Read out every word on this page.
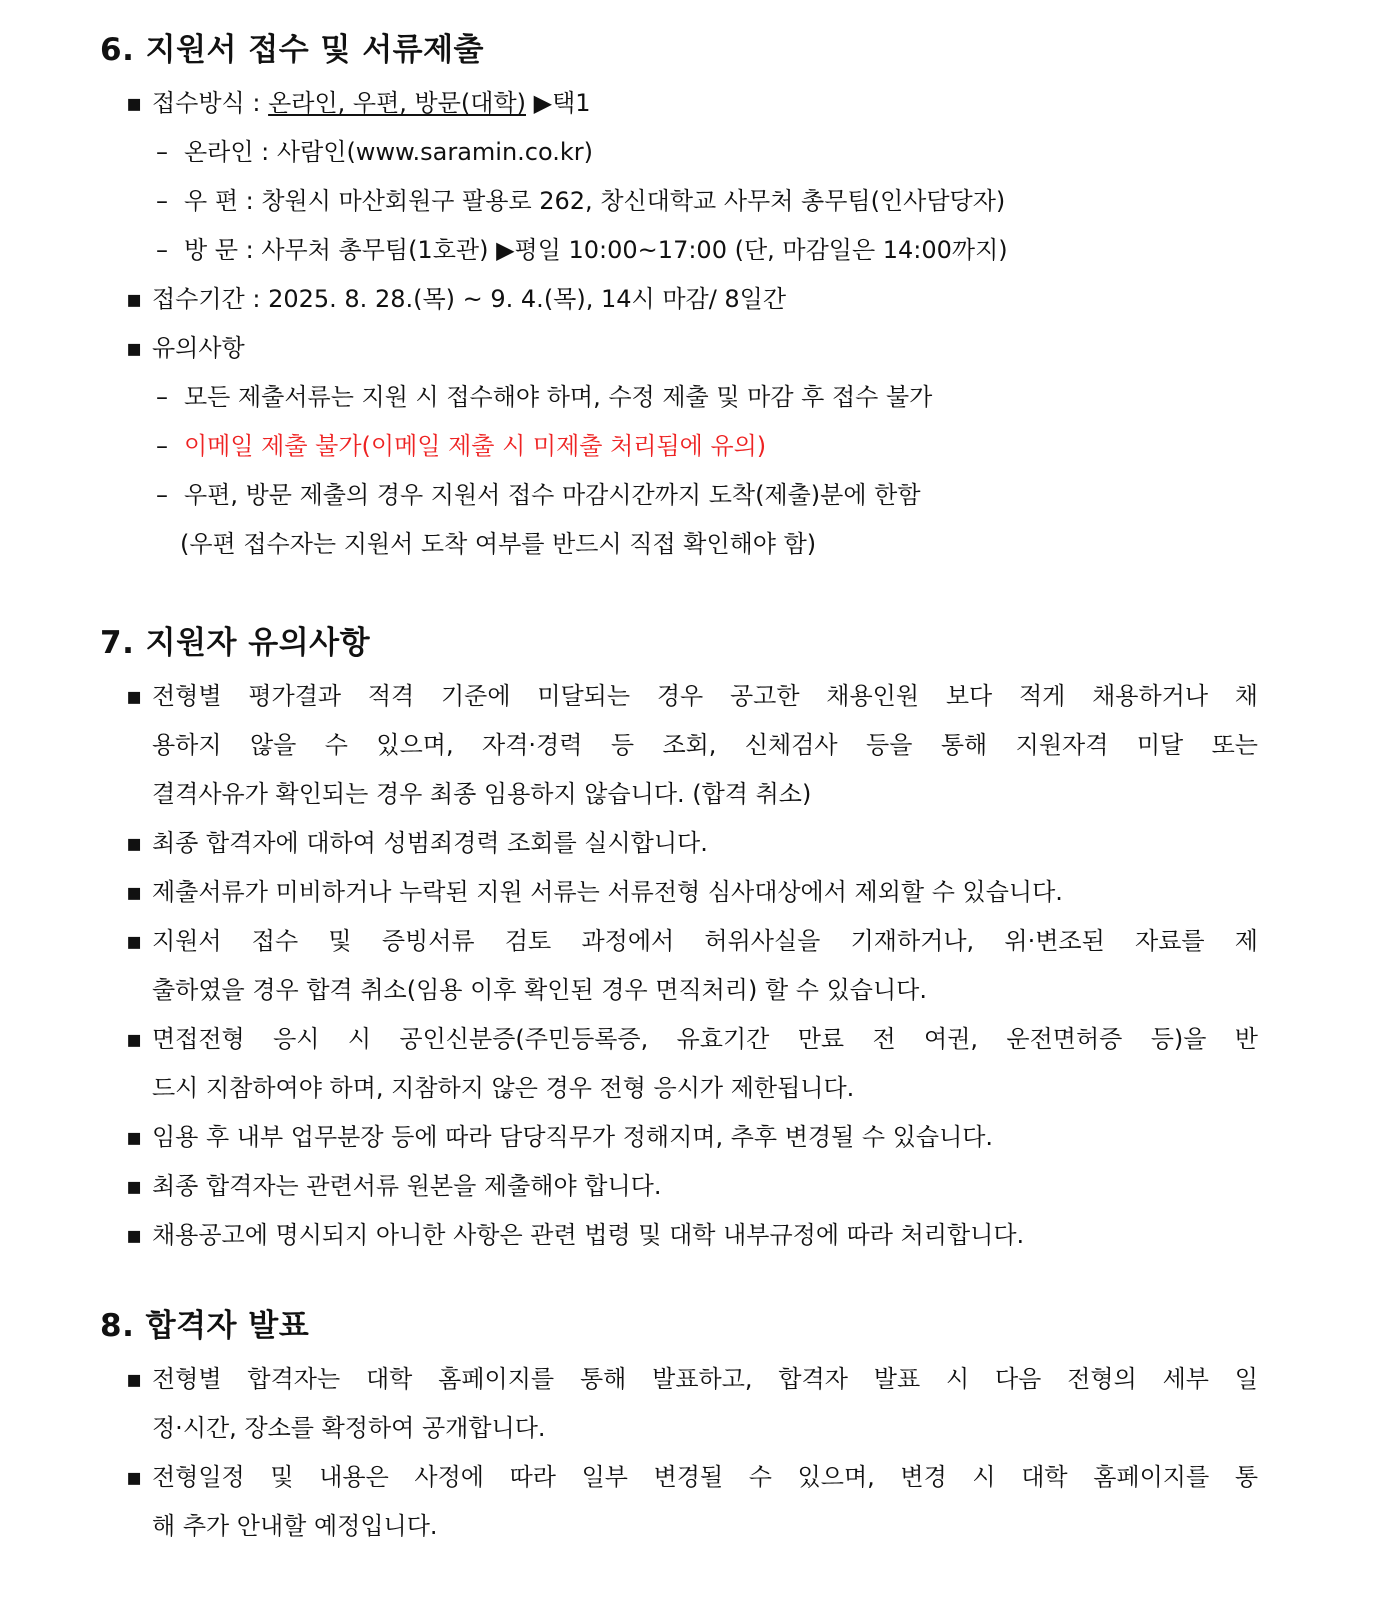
6. 지원서 접수 및 서류제출

▪ 접수방식 : 온라인, 우편, 방문(대학) ▶택1

– 온라인 : 사람인(www.saramin.co.kr)

– 우 편 : 창원시 마산회원구 팔용로 262, 창신대학교 사무처 총무팀(인사담당자)

– 방 문 : 사무처 총무팀(1호관) ▶평일 10:00~17:00 (단, 마감일은 14:00까지)

▪ 접수기간 : 2025. 8. 28.(목) ~ 9. 4.(목), 14시 마감/ 8일간

▪ 유의사항

– 모든 제출서류는 지원 시 접수해야 하며, 수정 제출 및 마감 후 접수 불가

– 이메일 제출 불가(이메일 제출 시 미제출 처리됨에 유의)

– 우편, 방문 제출의 경우 지원서 접수 마감시간까지 도착(제출)분에 한함

(우편 접수자는 지원서 도착 여부를 반드시 직접 확인해야 함)

7. 지원자 유의사항

▪ 전형별 평가결과 적격 기준에 미달되는 경우 공고한 채용인원 보다 적게 채용하거나 채

용하지 않을 수 있으며, 자격·경력 등 조회, 신체검사 등을 통해 지원자격 미달 또는

결격사유가 확인되는 경우 최종 임용하지 않습니다. (합격 취소)

▪ 최종 합격자에 대하여 성범죄경력 조회를 실시합니다.

▪ 제출서류가 미비하거나 누락된 지원 서류는 서류전형 심사대상에서 제외할 수 있습니다.

▪ 지원서 접수 및 증빙서류 검토 과정에서 허위사실을 기재하거나, 위·변조된 자료를 제

출하였을 경우 합격 취소(임용 이후 확인된 경우 면직처리) 할 수 있습니다.

▪ 면접전형 응시 시 공인신분증(주민등록증, 유효기간 만료 전 여권, 운전면허증 등)을 반

드시 지참하여야 하며, 지참하지 않은 경우 전형 응시가 제한됩니다.

▪ 임용 후 내부 업무분장 등에 따라 담당직무가 정해지며, 추후 변경될 수 있습니다.

▪ 최종 합격자는 관련서류 원본을 제출해야 합니다.

▪ 채용공고에 명시되지 아니한 사항은 관련 법령 및 대학 내부규정에 따라 처리합니다.

8. 합격자 발표

▪ 전형별 합격자는 대학 홈페이지를 통해 발표하고, 합격자 발표 시 다음 전형의 세부 일

정·시간, 장소를 확정하여 공개합니다.

▪ 전형일정 및 내용은 사정에 따라 일부 변경될 수 있으며, 변경 시 대학 홈페이지를 통

해 추가 안내할 예정입니다.
